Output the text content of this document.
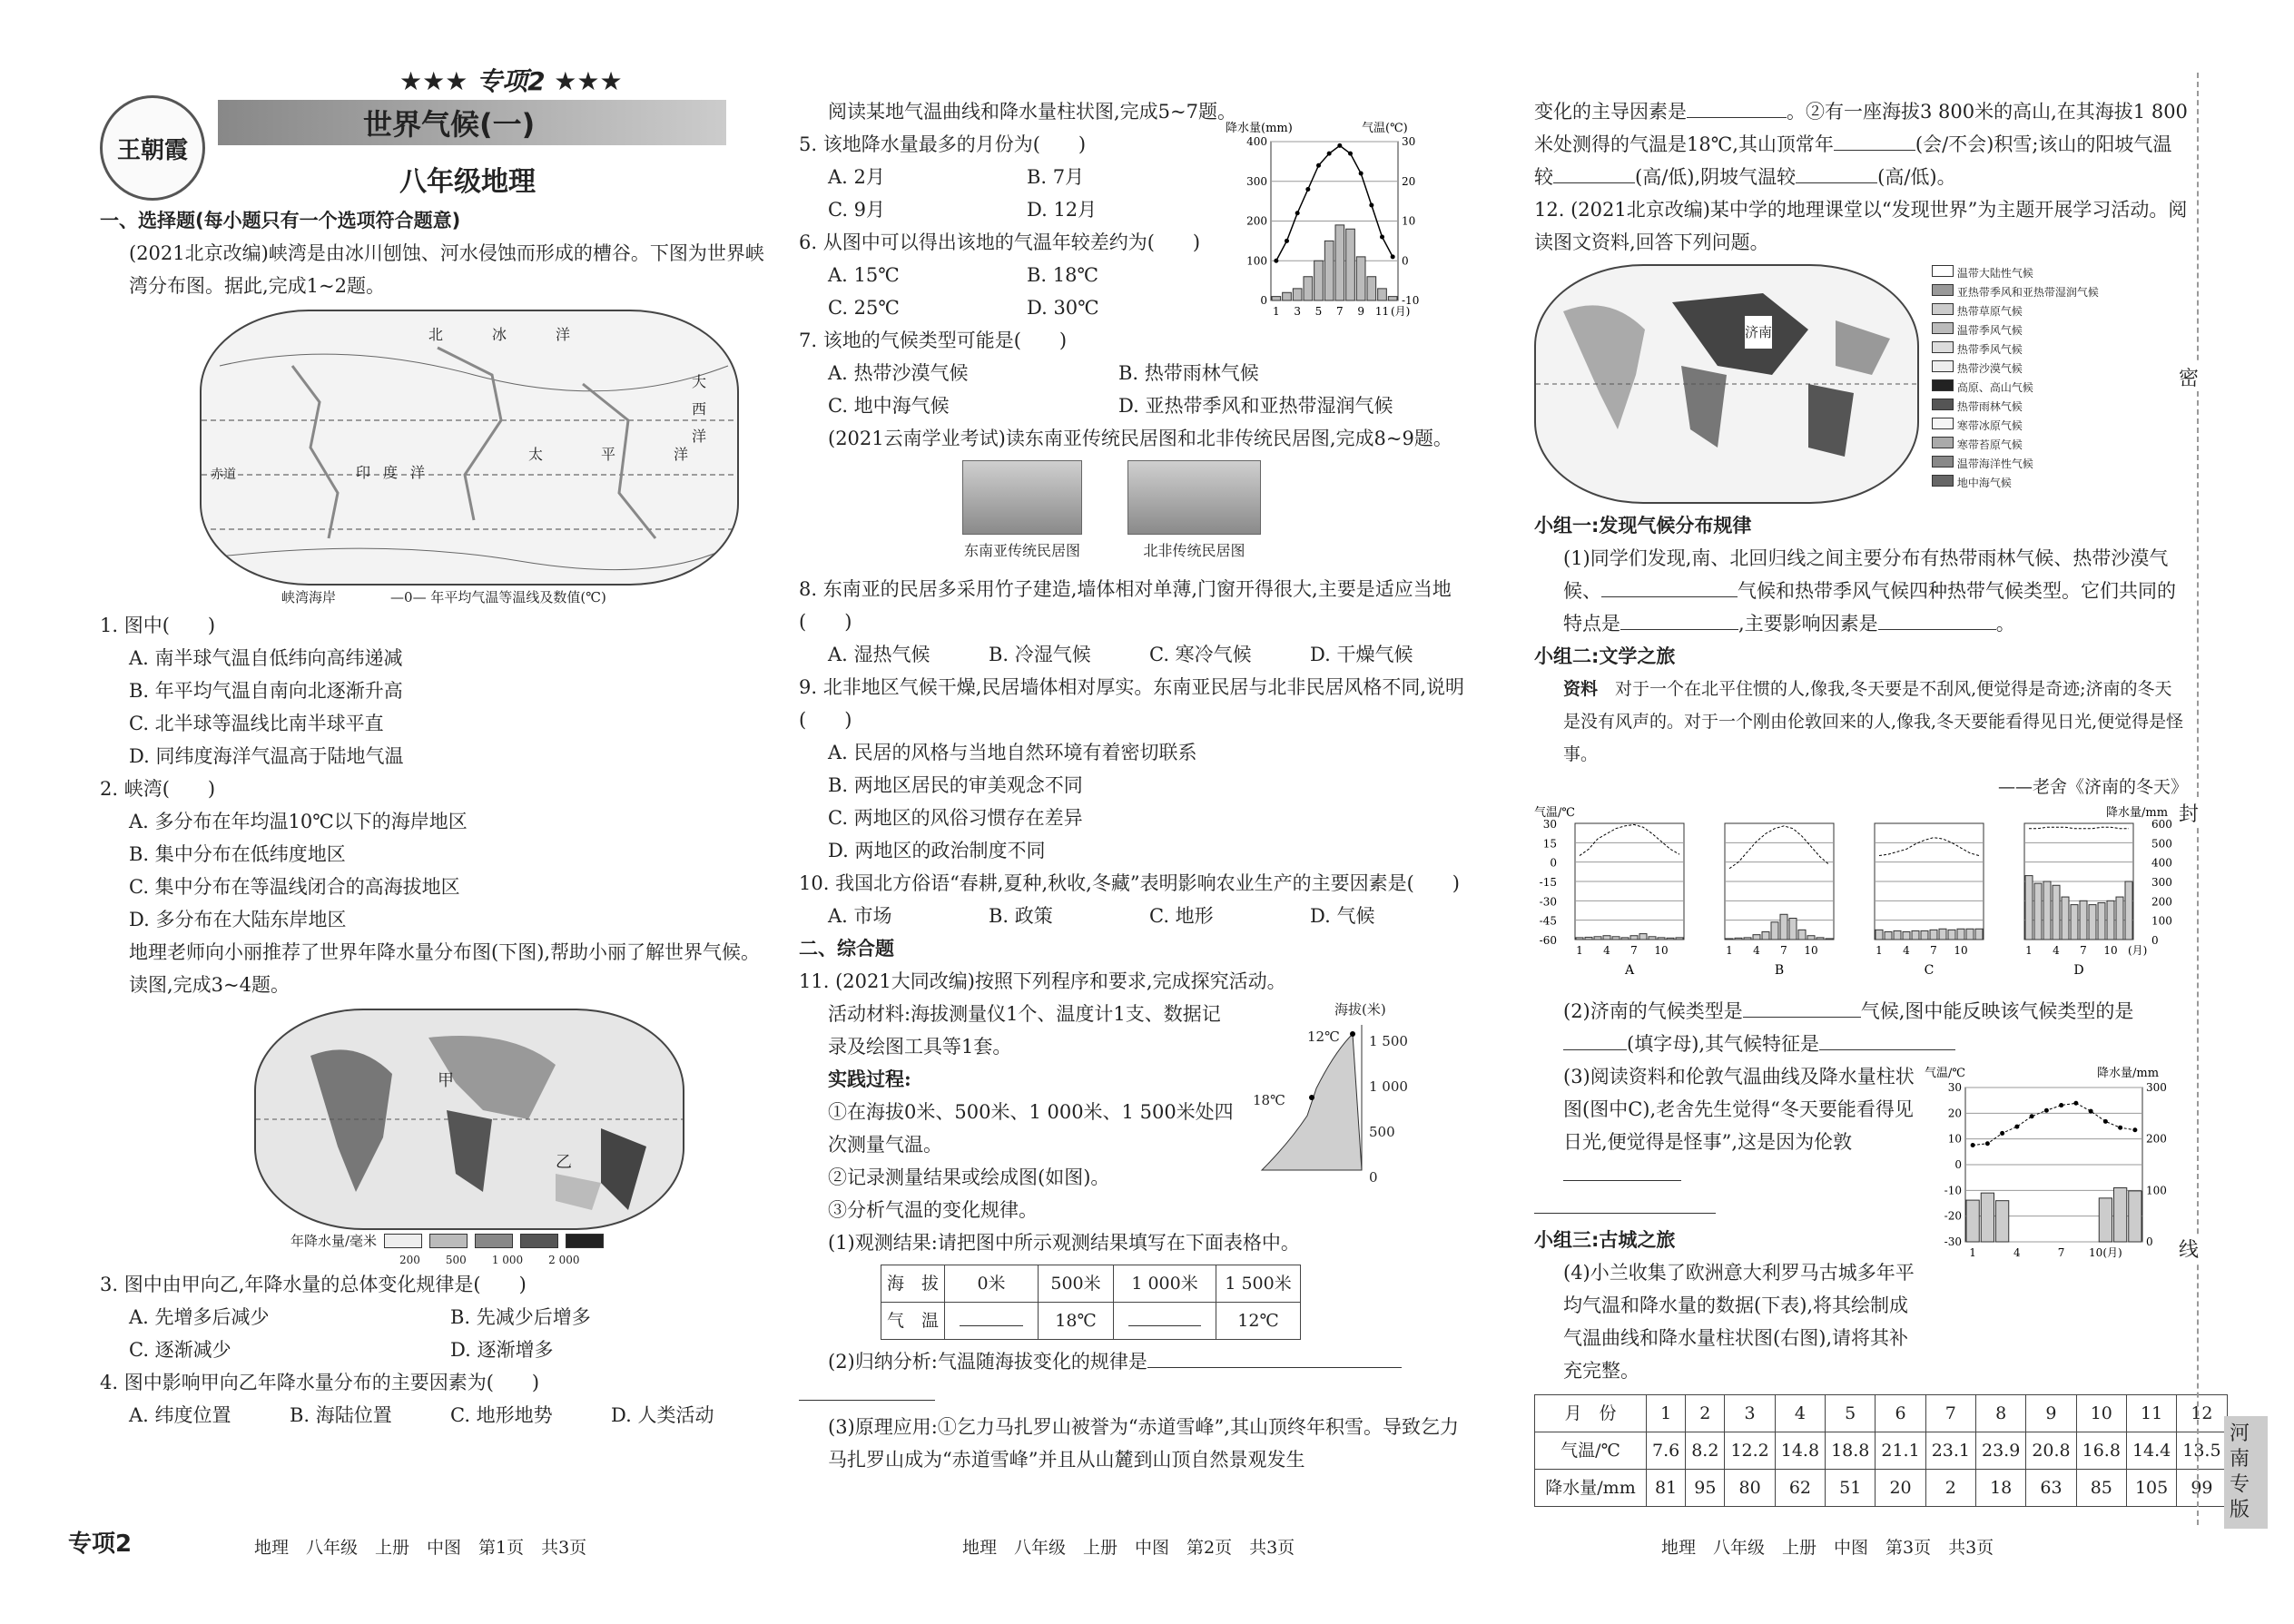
王朝霞
★★★ 专项2 ★★★
世界气候(一)
八年级地理

一、选择题(每小题只有一个选项符合题意)

(2021北京改编)峡湾是由冰川刨蚀、河水侵蚀而形成的槽谷。下图为世界峡湾分布图。据此,完成1~2题。

北	冰	洋
印 度 洋
太	平	洋
大
西
洋
赤道
峡湾海岸　　　　	—0— 年平均气温等温线及数值(℃)

1. 图中(　　)

A. 南半球气温自低纬向高纬递减

B. 年平均气温自南向北逐渐升高

C. 北半球等温线比南半球平直

D. 同纬度海洋气温高于陆地气温

2. 峡湾(　　)

A. 多分布在年均温10℃以下的海岸地区

B. 集中分布在低纬度地区

C. 集中分布在等温线闭合的高海拔地区

D. 多分布在大陆东岸地区

地理老师向小丽推荐了世界年降水量分布图(下图),帮助小丽了解世界气候。读图,完成3~4题。

甲
乙
年降水量/毫米
200 500 1 000 2 000

3. 图中由甲向乙,年降水量的总体变化规律是(　　)

A. 先增多后减少	B. 先减少后增多
C. 逐渐减少	D. 逐渐增多

4. 图中影响甲向乙年降水量分布的主要因素为(　　)

A. 纬度位置	B. 海陆位置	C. 地形地势	D. 人类活动

阅读某地气温曲线和降水量柱状图,完成5~7题。

5. 该地降水量最多的月份为(　　)

A. 2月	B. 7月
C. 9月	D. 12月

6. 从图中可以得出该地的气温年较差约为(　　)

A. 15℃	B. 18℃
C. 25℃	D. 30℃

7. 该地的气候类型可能是(　　)

降水量(mm)	气温(℃)
0
100
200
300
400
-10
0
10
20
30
1 3 5 7 9 11 (月)
A. 热带沙漠气候	B. 热带雨林气候
C. 地中海气候	D. 亚热带季风和亚热带湿润气候

(2021云南学业考试)读东南亚传统民居图和北非传统民居图,完成8~9题。

东南亚传统民居图	北非传统民居图

8. 东南亚的民居多采用竹子建造,墙体相对单薄,门窗开得很大,主要是适应当地(　　)

A. 湿热气候	B. 冷湿气候	C. 寒冷气候	D. 干燥气候

9. 北非地区气候干燥,民居墙体相对厚实。东南亚民居与北非民居风格不同,说明(　　)

A. 民居的风格与当地自然环境有着密切联系

B. 两地区居民的审美观念不同

C. 两地区的风俗习惯存在差异

D. 两地区的政治制度不同

10. 我国北方俗语“春耕,夏种,秋收,冬藏”表明影响农业生产的主要因素是(　　)

A. 市场	B. 政策	C. 地形	D. 气候

二、综合题

11. (2021大同改编)按照下列程序和要求,完成探究活动。

活动材料:海拔测量仪1个、温度计1支、数据记录及绘图工具等1套。

实践过程:

①在海拔0米、500米、1 000米、1 500米处四次测量气温。

②记录测量结果或绘成图(如图)。

③分析气温的变化规律。

海拔(米)
1 500
1 000
500
0
12℃
18℃

(1)观测结果:请把图中所示观测结果填写在下面表格中。

海　拔	0米	500米	1 000米	1 500米
气　温		18℃		12℃

(2)归纳分析:气温随海拔变化的规律是

(3)原理应用:①乞力马扎罗山被誉为“赤道雪峰”,其山顶终年积雪。导致乞力马扎罗山成为“赤道雪峰”并且从山麓到山顶自然景观发生

变化的主导因素是	。②有一座海拔3 800米的高山,在其海拔1 800米处测得的气温是18℃,其山顶常年	(会/不会)积雪;该山的阳坡气温较	(高/低),阴坡气温较	(高/低)。

12. (2021北京改编)某中学的地理课堂以“发现世界”为主题开展学习活动。阅读图文资料,回答下列问题。

济南
温带大陆性气候
亚热带季风和亚热带湿润气候
热带草原气候
温带季风气候
热带季风气候
热带沙漠气候
高原、高山气候
热带雨林气候
寒带冰原气候
寒带苔原气候
温带海洋性气候
地中海气候

小组一:发现气候分布规律

(1)同学们发现,南、北回归线之间主要分布有热带雨林气候、热带沙漠气候、	气候和热带季风气候四种热带气候类型。它们共同的特点是	,主要影响因素是	。

小组二:文学之旅

资料　 对于一个在北平住惯的人,像我,冬天要是不刮风,便觉得是奇迹;济南的冬天是没有风声的。对于一个刚由伦敦回来的人,像我,冬天要能看得见日光,便觉得是怪事。

——老舍《济南的冬天》

气温/℃	降水量/mm
30
15
0
-15
-30
-45
-60
600
500
400
300
200
100
0
1 4 7 10
A
1 4 7 10
B
1 4 7 10
C
1 4 7 10 (月)
D

(2)济南的气候类型是	气候,图中能反映该气候类型的是(填字母),其气候特征是

(3)阅读资料和伦敦气温曲线及降水量柱状图(图中C),老舍先生觉得“冬天要能看得见日光,便觉得是怪事”,这是因为伦敦

小组三:古城之旅

(4)小兰收集了欧洲意大利罗马古城多年平均气温和降水量的数据(下表),将其绘制成气温曲线和降水量柱状图(右图),请将其补充完整。

气温/℃	降水量/mm
30
20
10
0
-10
-20
-30
300
200
100
0
1	4	7 10(月)
月　份	1	2	3	4	5	6	7	8	9	10	11	12
气温/℃	7.6	8.2	12.2	14.8	18.8	21.1	23.1	23.9	20.8	16.8	14.4	13.5
降水量/mm	81	95	80	62	51	20	2	18	63	85	105	99
密
封
线
河南专版
专项2	地理　八年级　上册　中图　第1页　共3页	地理　八年级　上册　中图　第2页　共3页	地理　八年级　上册　中图　第3页　共3页
